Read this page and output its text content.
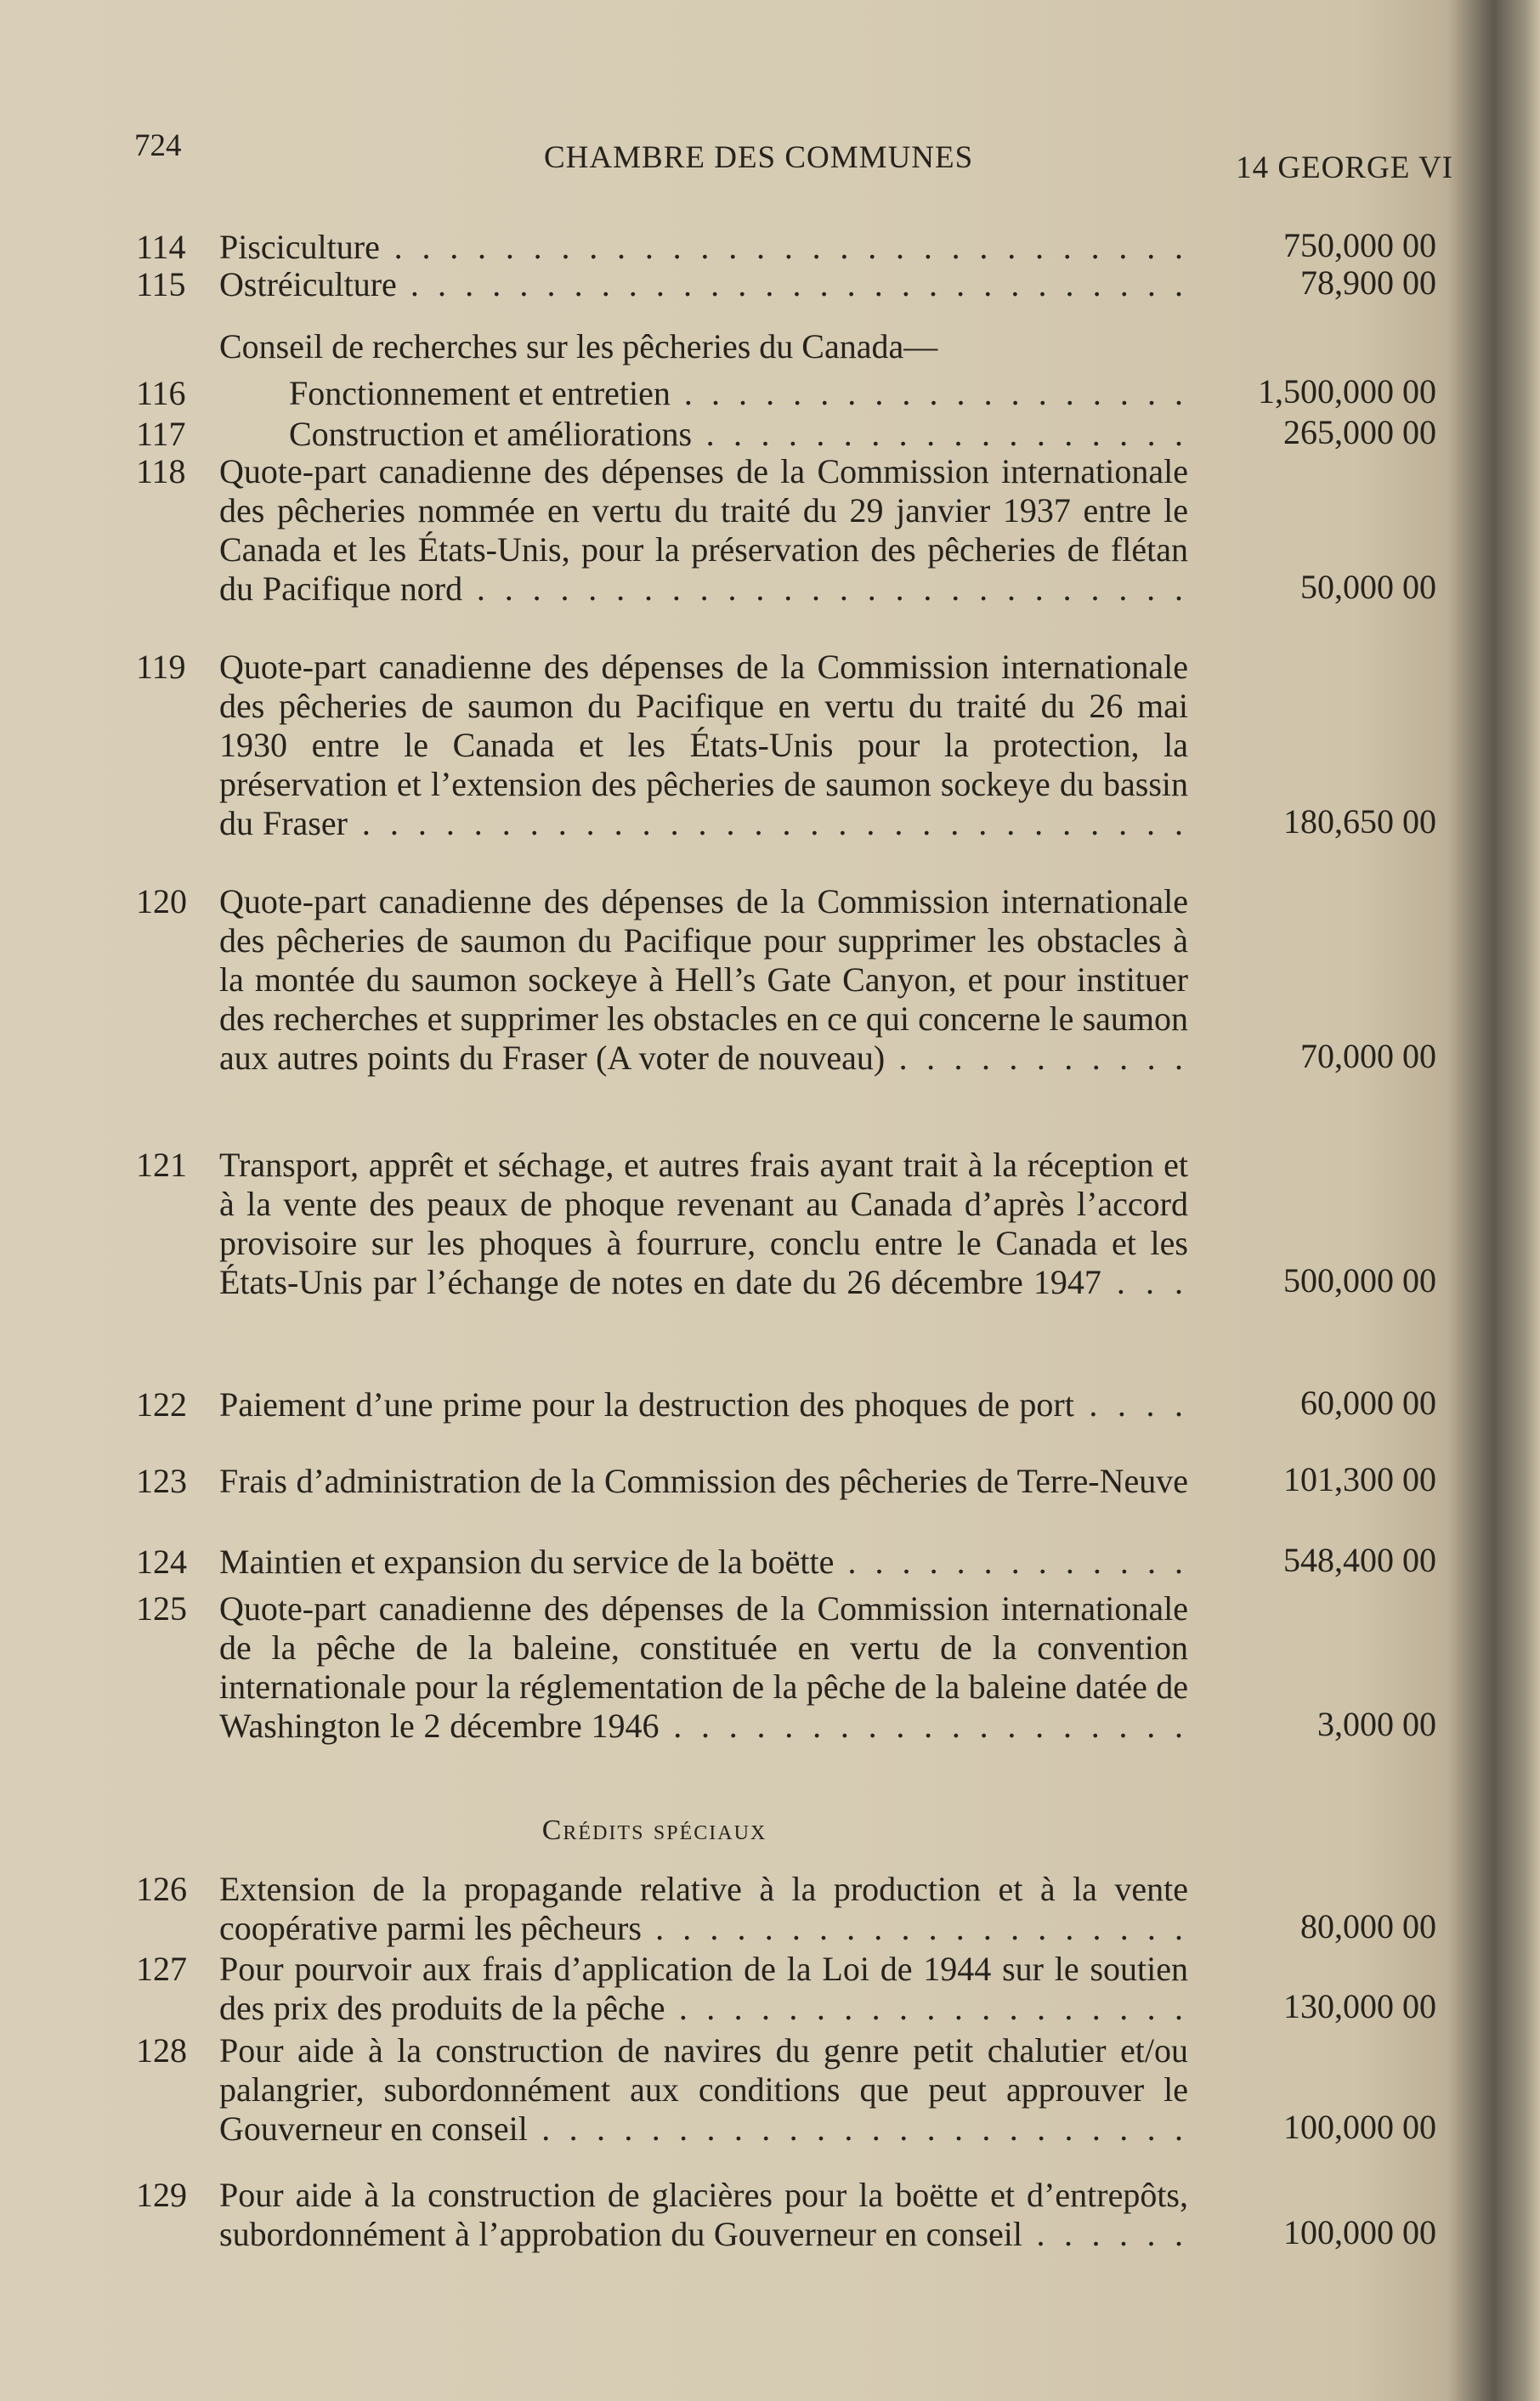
724	CHAMBRE DES COMMUNES	14 GEORGE VI
114 Pisciculture . . . . . . . . . . . . . . . . . . . . . . . . . . . . .	750,000 00
115 Ostréiculture . . . . . . . . . . . . . . . . . . . . . . . . . . . . .	78,900 00
Conseil de recherches sur les pêcheries du Canada—
116	Fonctionnement et entretien . . . . . . . . . . . . . . . . . . . 1,500,000 00
117	Construction et améliorations . . . . . . . . . . . . . . . . . .	265,000 00
118 Quote-part canadienne des dépenses de la Commission internationale des pêcheries nommée en vertu du traité du 29 janvier 1937 entre le Canada et les États-Unis, pour la préservation des pêcheries de flétan du Pacifique nord . . . . . . . . . . . . . . . . . . . . . . . . . .	50,000 00
119 Quote-part canadienne des dépenses de la Commission internationale des pêcheries de saumon du Pacifique en vertu du traité du 26 mai 1930 entre le Canada et les États-Unis pour la protection, la préservation et l’extension des pêcheries de saumon sockeye du bassin du Fraser . . . . . . . . . . . . . . . . . . . . . . . . . . . . . .	180,650 00
120 Quote-part canadienne des dépenses de la Commission internationale des pêcheries de saumon du Pacifique pour supprimer les obstacles à la montée du saumon sockeye à Hell’s Gate Canyon, et pour instituer des recherches et supprimer les obstacles en ce qui concerne le saumon aux autres points du Fraser (A voter de nouveau) . . . . . . . . . . .	70,000 00
121 Transport, apprêt et séchage, et autres frais ayant trait à la réception et à la vente des peaux de phoque revenant au Canada d’après l’accord provisoire sur les phoques à fourrure, conclu entre le Canada et les États-Unis par l’échange de notes en date du 26 décembre 1947 . . .	500,000 00
122 Paiement d’une prime pour la destruction des phoques de port . . . .	60,000 00
123 Frais d’administration de la Commission des pêcheries de Terre-Neuve	101,300 00
124 Maintien et expansion du service de la boëtte . . . . . . . . . . . . .	548,400 00
125 Quote-part canadienne des dépenses de la Commission internationale de la pêche de la baleine, constituée en vertu de la convention internationale pour la réglementation de la pêche de la baleine datée de Washington le 2 décembre 1946 . . . . . . . . . . . . . . . . . . .	3,000 00
Crédits spéciaux
126 Extension de la propagande relative à la production et à la vente coopérative parmi les pêcheurs . . . . . . . . . . . . . . . . . . . .	80,000 00
127 Pour pourvoir aux frais d’application de la Loi de 1944 sur le soutien des prix des produits de la pêche . . . . . . . . . . . . . . . . . . .	130,000 00
128 Pour aide à la construction de navires du genre petit chalutier et/ou palangrier, subordonnément aux conditions que peut approuver le Gouverneur en conseil . . . . . . . . . . . . . . . . . . . . . . . .	100,000 00
129 Pour aide à la construction de glacières pour la boëtte et d’entrepôts, subordonnément à l’approbation du Gouverneur en conseil . . . . . .	100,000 00
